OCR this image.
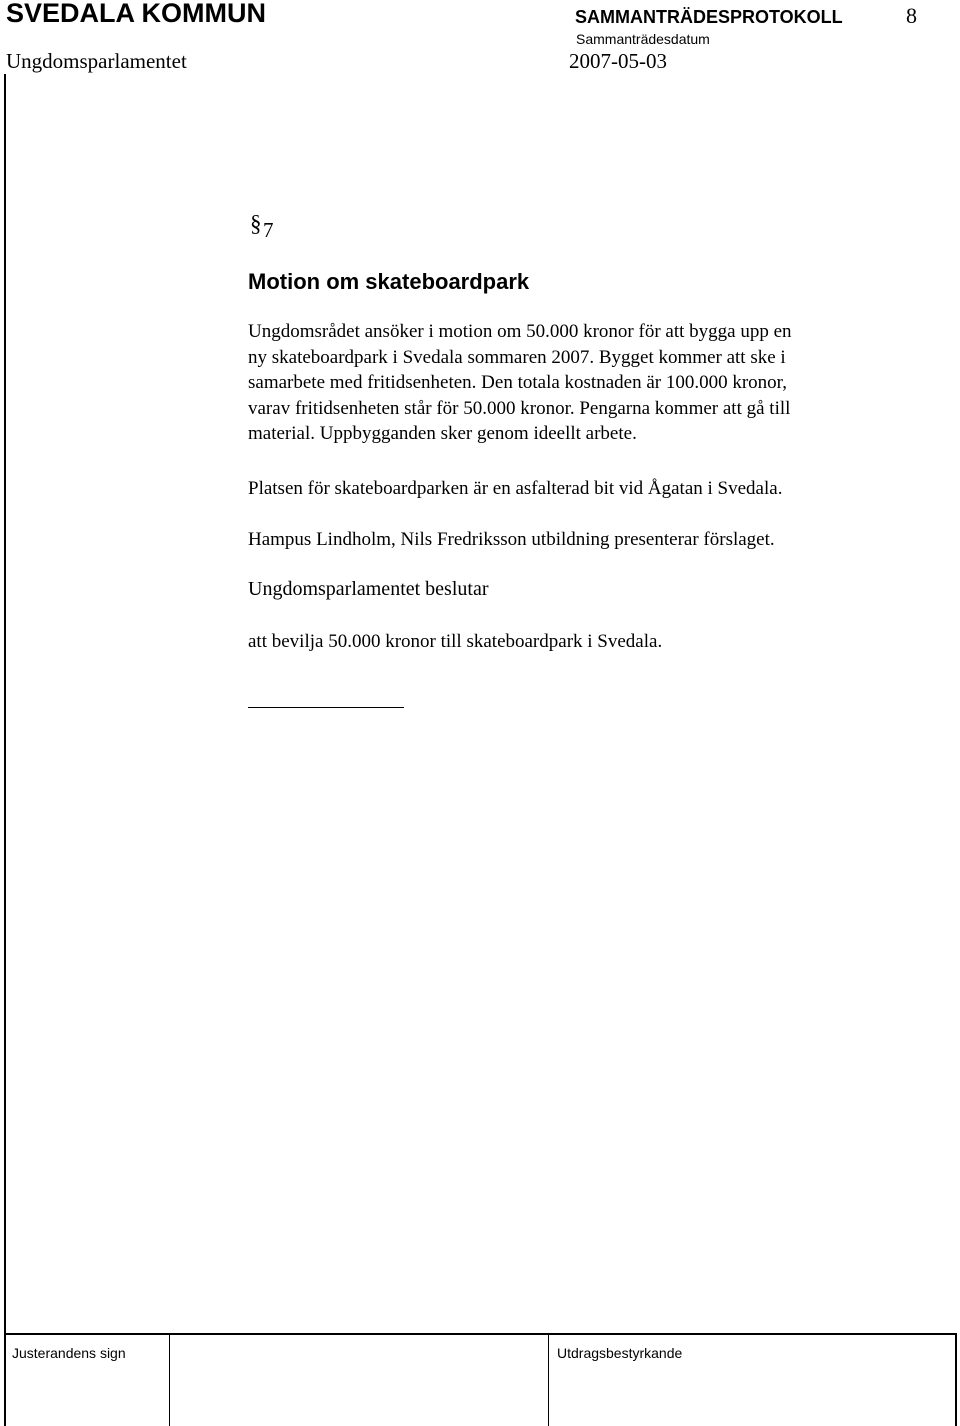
SVEDALA KOMMUN	SAMMANTRÄDESPROTOKOLL	8
Sammanträdesdatum
Ungdomsparlamentet	2007-05-03
§ 7
Motion om skateboardpark

Ungdomsrådet ansöker i motion om 50.000 kronor för att bygga upp en

ny skateboardpark i Svedala sommaren 2007. Bygget kommer att ske i

samarbete med fritidsenheten. Den totala kostnaden är 100.000 kronor,

varav fritidsenheten står för 50.000 kronor. Pengarna kommer att gå till

material. Uppbygganden sker genom ideellt arbete.

Platsen för skateboardparken är en asfalterad bit vid Ågatan i Svedala.
Hampus Lindholm, Nils Fredriksson utbildning presenterar förslaget.
Ungdomsparlamentet beslutar
att bevilja 50.000 kronor till skateboardpark i Svedala.
Justerandens sign	Utdragsbestyrkande
